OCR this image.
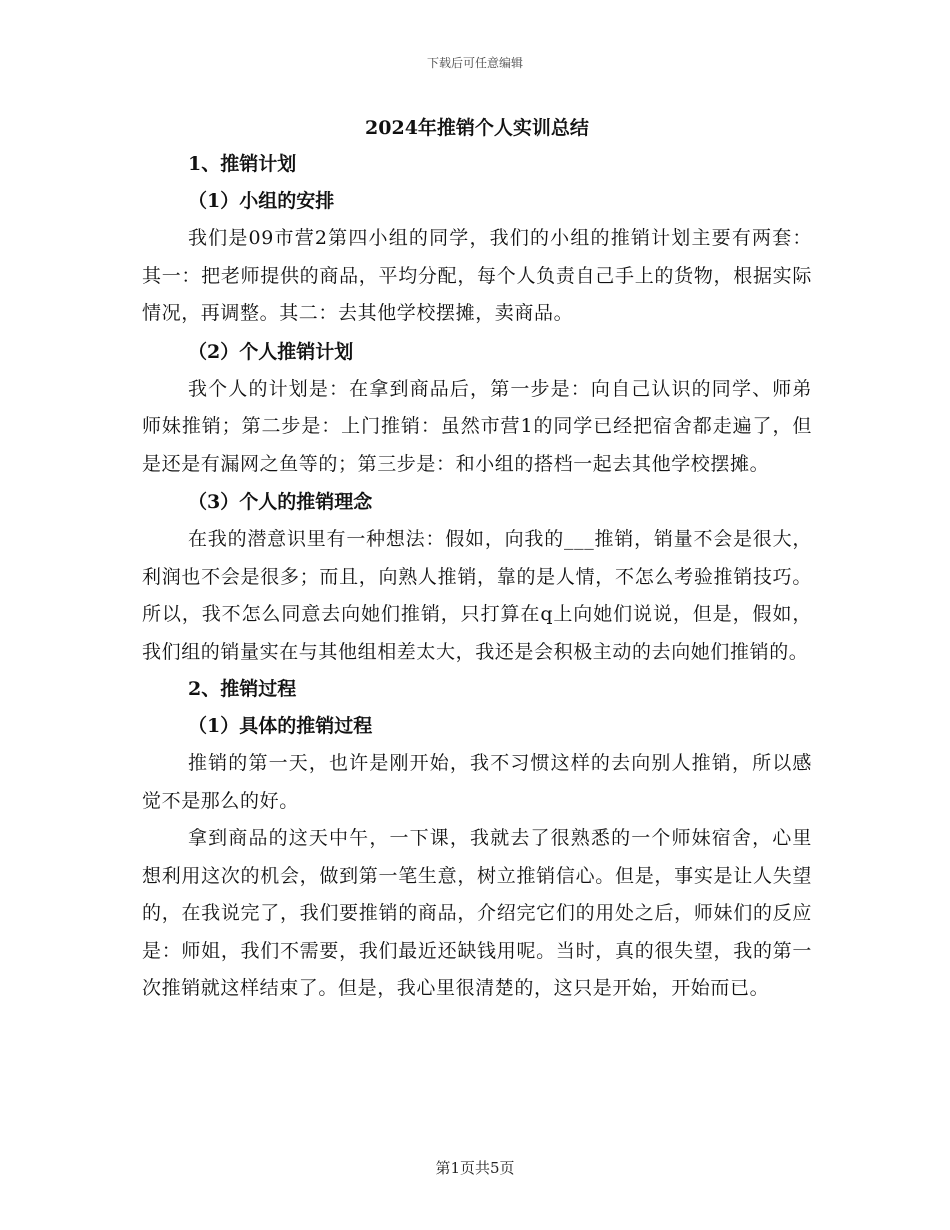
下载后可任意编辑
2024年推销个人实训总结
1、推销计划
（1）小组的安排

我们是09市营2第四小组的同学，我们的小组的推销计划主要有两套：其一：把老师提供的商品，平均分配，每个人负责自己手上的货物，根据实际情况，再调整。其二：去其他学校摆摊，卖商品。

（2）个人推销计划

我个人的计划是：在拿到商品后，第一步是：向自己认识的同学、师弟师妹推销；第二步是：上门推销：虽然市营1的同学已经把宿舍都走遍了，但是还是有漏网之鱼等的；第三步是：和小组的搭档一起去其他学校摆摊。

（3）个人的推销理念

在我的潜意识里有一种想法：假如，向我的___推销，销量不会是很大，利润也不会是很多；而且，向熟人推销，靠的是人情，不怎么考验推销技巧。所以，我不怎么同意去向她们推销，只打算在q上向她们说说，但是，假如，我们组的销量实在与其他组相差太大，我还是会积极主动的去向她们推销的。

2、推销过程
（1）具体的推销过程

推销的第一天，也许是刚开始，我不习惯这样的去向别人推销，所以感觉不是那么的好。

拿到商品的这天中午，一下课，我就去了很熟悉的一个师妹宿舍，心里想利用这次的机会，做到第一笔生意，树立推销信心。但是，事实是让人失望的，在我说完了，我们要推销的商品，介绍完它们的用处之后，师妹们的反应是：师姐，我们不需要，我们最近还缺钱用呢。当时，真的很失望，我的第一次推销就这样结束了。但是，我心里很清楚的，这只是开始，开始而已。

第1页共5页
